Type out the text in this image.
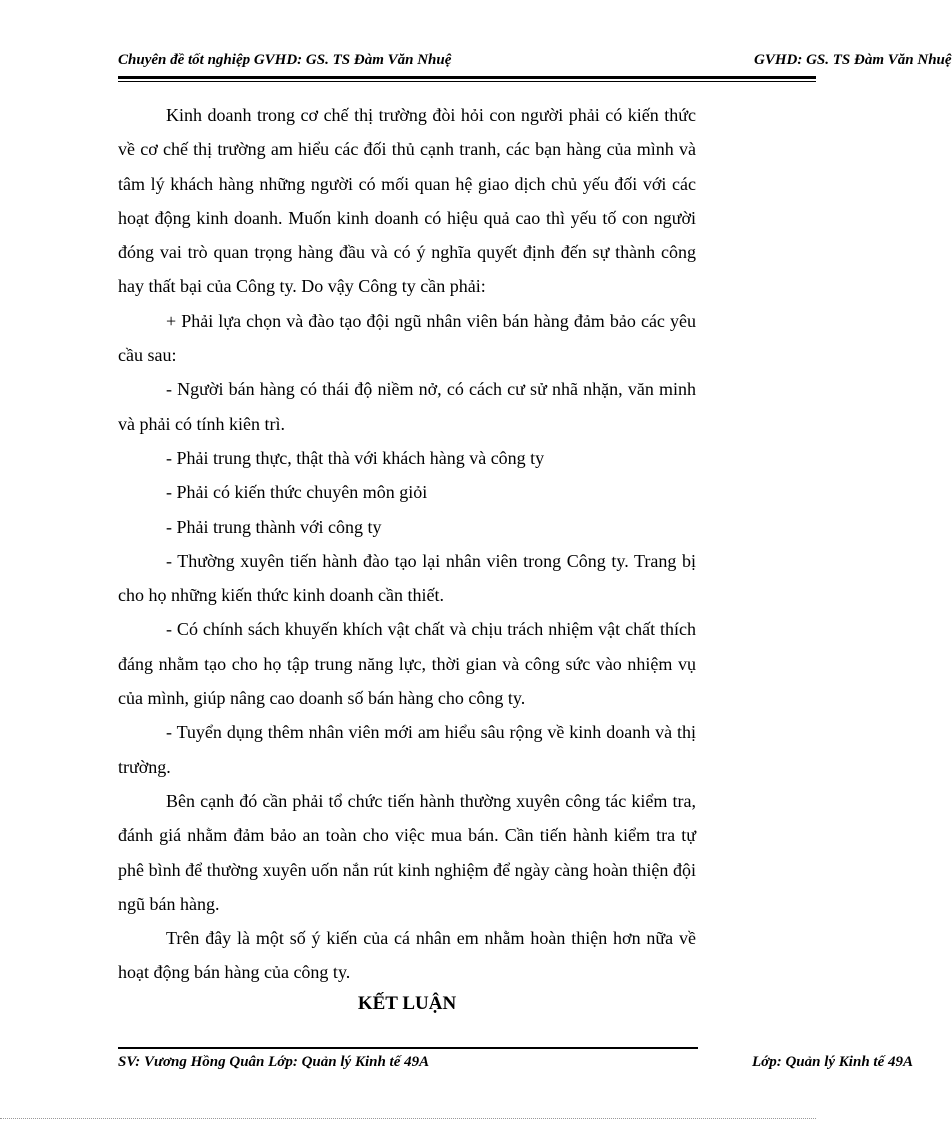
Chuyên đề tốt nghiệp GVHD: GS. TS Đàm Văn Nhuệ	GVHD: GS. TS Đàm Văn Nhuệ

Kinh doanh trong cơ chế thị trường đòi hỏi con người phải có kiến thức về cơ chế thị trường am hiểu các đối thủ cạnh tranh, các bạn hàng của mình và tâm lý khách hàng những người có mối quan hệ giao dịch chủ yếu đối với các hoạt động kinh doanh. Muốn kinh doanh có hiệu quả cao thì yếu tố con người đóng vai trò quan trọng hàng đầu và có ý nghĩa quyết định đến sự thành công hay thất bại của Công ty. Do vậy Công ty cần phải:

+ Phải lựa chọn và đào tạo đội ngũ nhân viên bán hàng đảm bảo các yêu cầu sau:

- Người bán hàng có thái độ niềm nở, có cách cư sử nhã nhặn, văn minh và phải có tính kiên trì.

- Phải trung thực, thật thà với khách hàng và công ty

- Phải có kiến thức chuyên môn giỏi

- Phải trung thành với công ty

- Thường xuyên tiến hành đào tạo lại nhân viên trong Công ty. Trang bị cho họ những kiến thức kinh doanh cần thiết.

- Có chính sách khuyến khích vật chất và chịu trách nhiệm vật chất thích đáng nhằm tạo cho họ tập trung năng lực, thời gian và công sức vào nhiệm vụ của mình, giúp nâng cao doanh số bán hàng cho công ty.

- Tuyển dụng thêm nhân viên mới am hiểu sâu rộng về kinh doanh và thị trường.

Bên cạnh đó cần phải tổ chức tiến hành thường xuyên công tác kiểm tra, đánh giá nhằm đảm bảo an toàn cho việc mua bán. Cần tiến hành kiểm tra tự phê bình để thường xuyên uốn nắn rút kinh nghiệm để ngày càng hoàn thiện đội ngũ bán hàng.

Trên đây là một số ý kiến của cá nhân em nhằm hoàn thiện hơn nữa về hoạt động bán hàng của công ty.

KẾT LUẬN
SV: Vương Hồng Quân Lớp: Quản lý Kinh tế 49A	Lớp: Quản lý Kinh tế 49A
